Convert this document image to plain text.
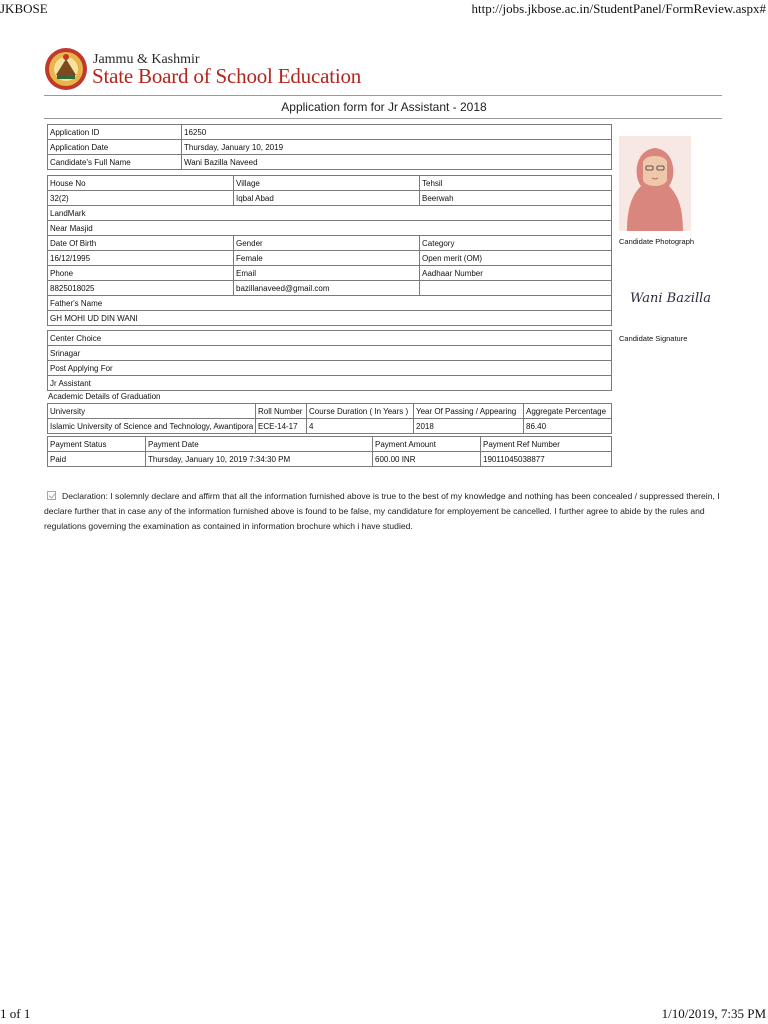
JKBOSE	http://jobs.jkbose.ac.in/StudentPanel/FormReview.aspx#
1 of 1	1/10/2019, 7:35 PM
Jammu & Kashmir
State Board of School Education
Application form for Jr Assistant - 2018
Application ID	16250
Application Date	Thursday, January 10, 2019
Candidate's Full Name	Wani Bazilla Naveed
House No	Village	Tehsil
32(2)	Iqbal Abad	Beerwah
LandMark		
Near Masjid		
Date Of Birth	Gender	Category
16/12/1995	Female	Open merit (OM)
Phone	Email	Aadhaar Number
8825018025	bazillanaveed@gmail.com	
Father's Name		
GH MOHI UD DIN WANI		
Center Choice
Srinagar
Post Applying For
Jr Assistant
Academic Details of Graduation
University	Roll Number	Course Duration ( In Years )	Year Of Passing / Appearing	Aggregate Percentage
Islamic University of Science and Technology, Awantipora	ECE-14-17	4	2018	86.40
Payment Status	Payment Date	Payment Amount	Payment Ref Number
Paid	Thursday, January 10, 2019 7:34:30 PM	600.00 INR	19011045038877
Candidate Photograph
Wani Bazilla
Candidate Signature
Declaration: I solemnly declare and affirm that all the information furnished above is true to the best of my knowledge and nothing has been concealed / suppressed therein, I declare further that in case any of the information furnished above is found to be false, my candidature for employement be cancelled. I further agree to abide by the rules and regulations governing the examination as contained in information brochure which i have studied.
